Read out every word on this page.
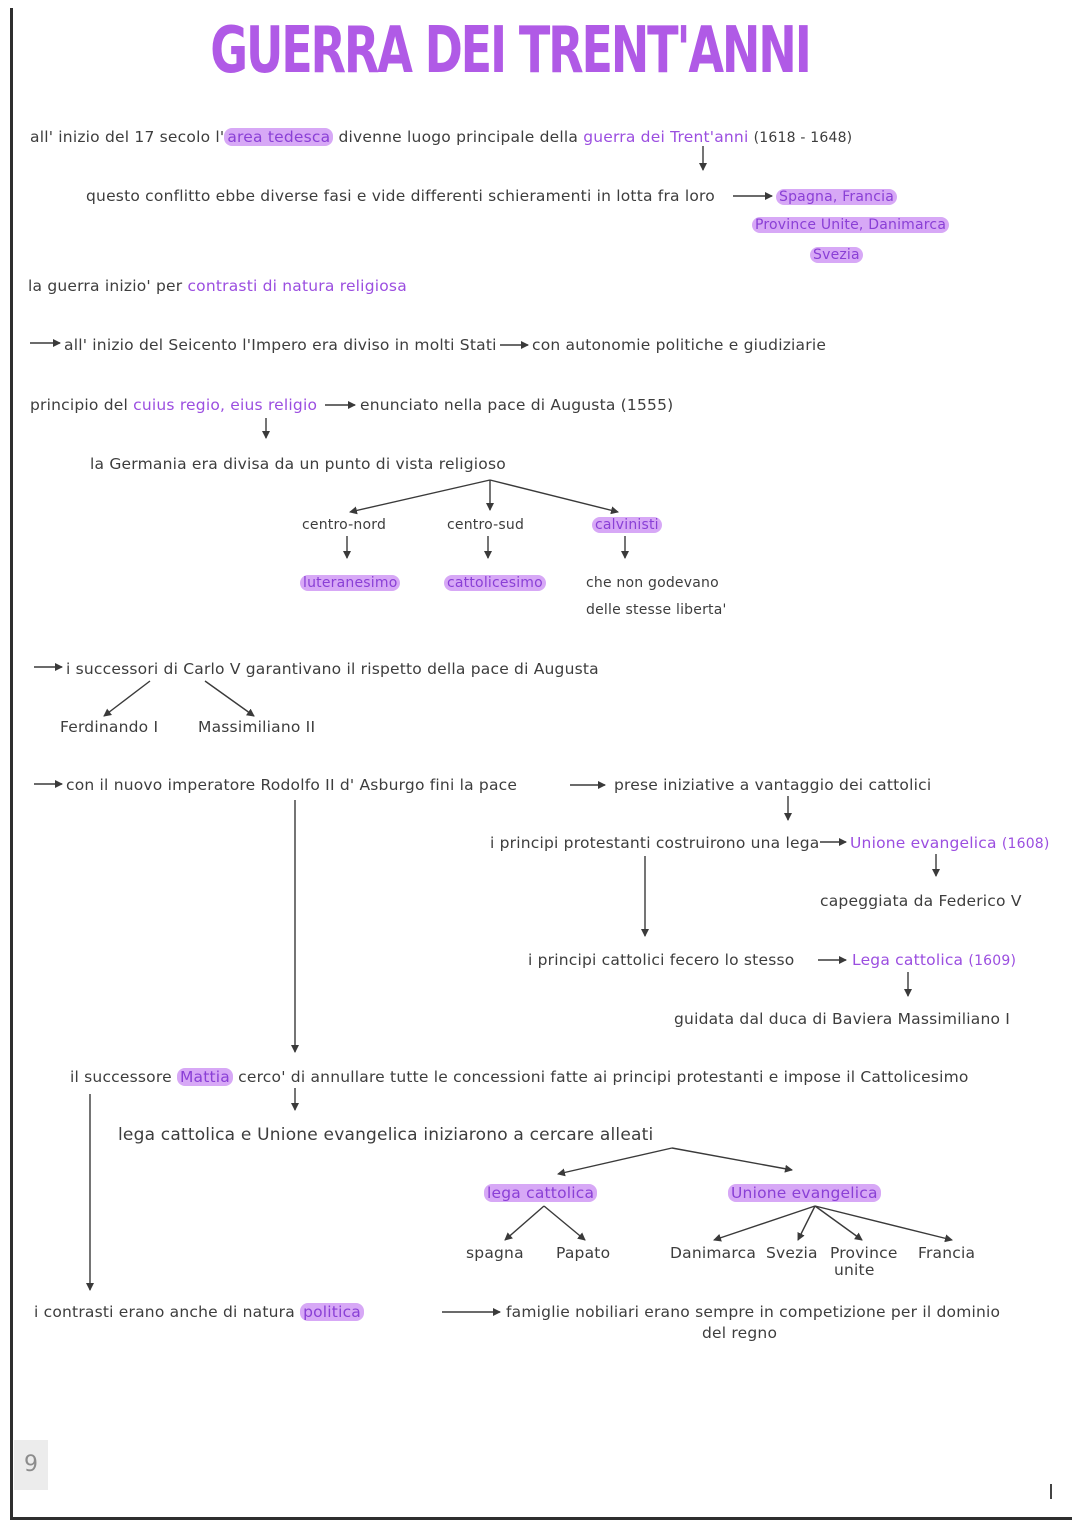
GUERRA DEI TRENT'ANNI
all' inizio del 17 secolo l' area tedesca divenne luogo principale della guerra dei Trent'anni (1618 - 1648)
questo conflitto ebbe diverse fasi e vide differenti schieramenti in lotta fra loro	Spagna, Francia
Province Unite, Danimarca
Svezia
la guerra inizio' per contrasti di natura religiosa
all' inizio del Seicento l'Impero era diviso in molti Stati con autonomie politiche e giudiziarie
principio del cuius regio, eius religio	enunciato nella pace di Augusta (1555)
la Germania era divisa da un punto di vista religioso
centro-nord	centro-sud	calvinisti
luteranesimo	cattolicesimo	che non godevano
delle stesse liberta'
i successori di Carlo V garantivano il rispetto della pace di Augusta
Ferdinando I	Massimiliano II
con il nuovo imperatore Rodolfo II d' Asburgo fini la pace	prese iniziative a vantaggio dei cattolici
i principi protestanti costruirono una lega Unione evangelica (1608)
capeggiata da Federico V
i principi cattolici fecero lo stesso	Lega cattolica (1609)
guidata dal duca di Baviera Massimiliano I
il successore Mattia cerco' di annullare tutte le concessioni fatte ai principi protestanti e impose il Cattolicesimo
lega cattolica e Unione evangelica iniziarono a cercare alleati
lega cattolica	Unione evangelica
spagna Papato	Danimarca Svezia Province
unite
Francia
i contrasti erano anche di natura politica	famiglie nobiliari erano sempre in competizione per il dominio
del regno
9
